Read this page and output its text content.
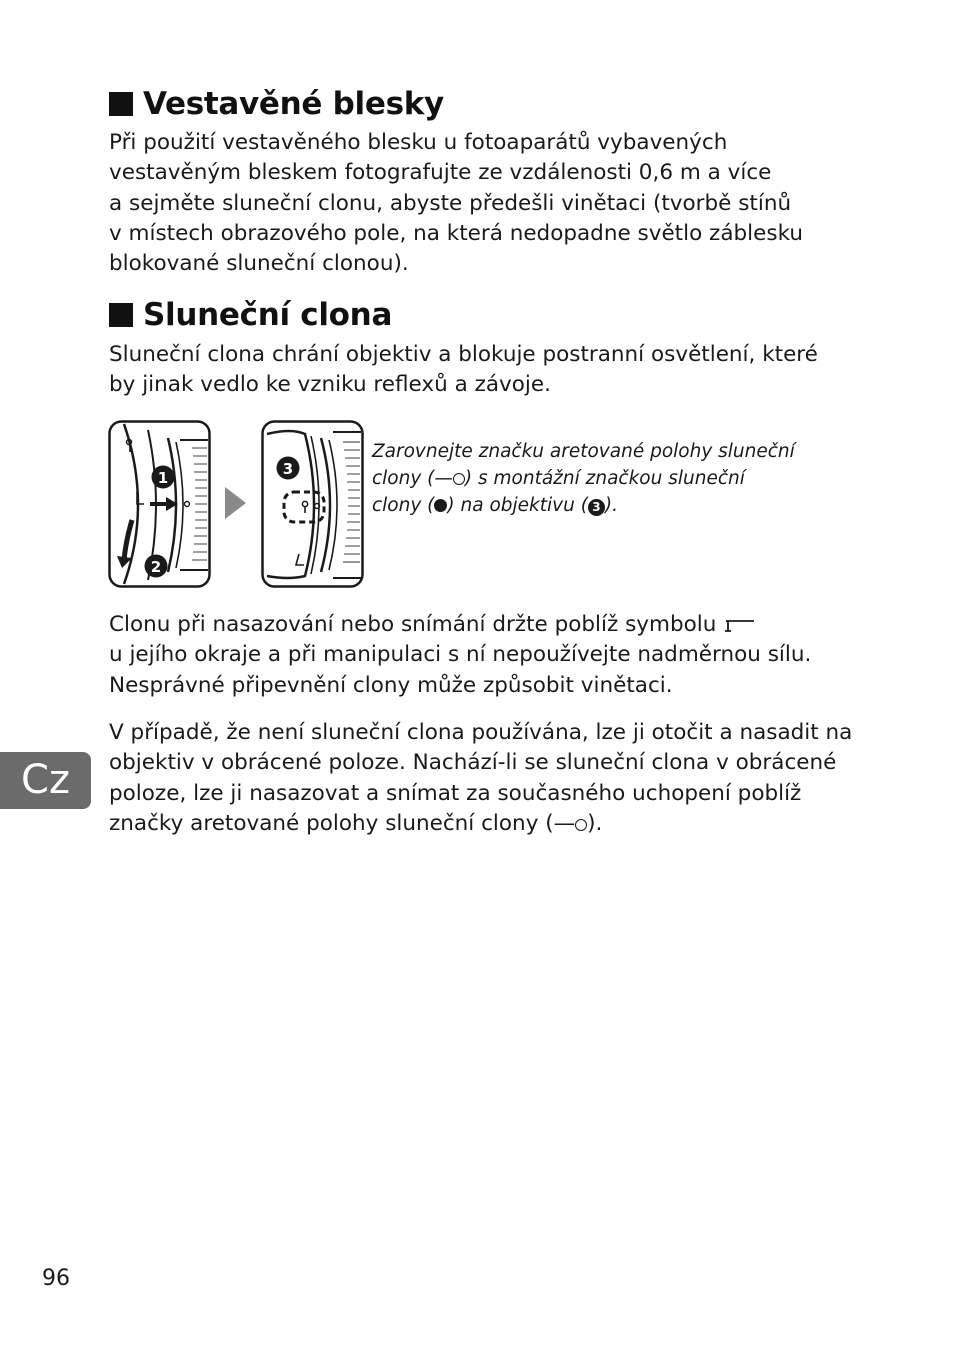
Vestavěné blesky

Při použití vestavěného blesku u fotoaparátů vybavených
vestavěným bleskem fotografujte ze vzdálenosti 0,6 m a více
a sejměte sluneční clonu, abyste předešli vinětaci (tvorbě stínů
v místech obrazového pole, na která nedopadne světlo záblesku
blokované sluneční clonou).

Sluneční clona

Sluneční clona chrání objektiv a blokuje postranní osvětlení, které
by jinak vedlo ke vzniku reflexů a závoje.

1
2
3

Zarovnejte značku aretované polohy sluneční
clony (— ) s montážní značkou sluneční
clony ( ) na objektivu ( 3 ).

Clonu při nasazování nebo snímání držte poblíž symbolu
u jejího okraje a při manipulaci s ní nepoužívejte nadměrnou sílu.
Nesprávné připevnění clony může způsobit vinětaci.

V případě, že není sluneční clona používána, lze ji otočit a nasadit na
objektiv v obrácené poloze. Nachází-li se sluneční clona v obrácené
poloze, lze ji nasazovat a snímat za současného uchopení poblíž
značky aretované polohy sluneční clony (— ).

Cz
96
